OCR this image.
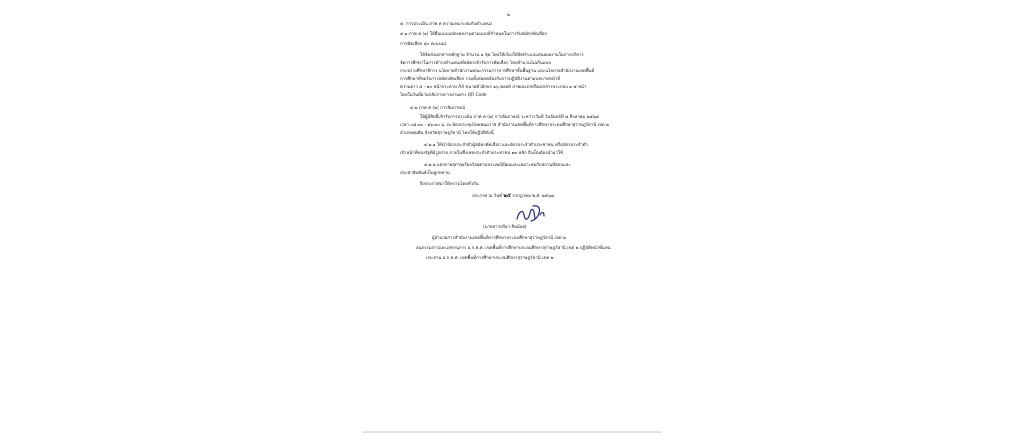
๒
๔. การประเมิน ภาค ค ความเหมาะสมกับตำแหน่ง
๔.๑ ภาค ค (๑) ให้ยื่นแบบแสดงผลงานตามแบบที่กำหนดในการรับสมัครคัดเลือก
การคัดเลือก ๕๐ คะแนน)
ให้จัดส่งเอกสารหลักฐาน จำนวน ๑ ชุด โดยให้เรียงให้จัดทำแบบเสนอผลงานในการบริหาร
จัดการศึกษาในการดำรงตำแหน่งที่สมัครเข้ารับการคัดเลือก โดยจำนวนไม่เกินแบบ
กระทรวงศึกษาธิการ นโยบายสำนักงานคณะกรรมการการศึกษาขั้นพื้นฐาน และนโยบายสำนักงานเขตพื้นที่
การศึกษาที่ขอรับการสมัครคัดเลือก รวมทั้งสอดคล้องกับการปฏิบัติงานตามบทบาทหน้าที่
ความยาว ๕ - ๑๐ หน้ากระดาษ A4 ขนาดตัวอักษร ๑๖ พอยท์ ภาคผนวกหรือเอกสารประกอบ ๑-๕ หน้า
โดยในวันที่ผ่านกลับรายการผ่านทาง QR Code
๔.๒ ภาค ค (๒) การสัมภาษณ์
ให้ผู้มีสิทธิ์เข้ารับการประเมิน ภาค ค (๒) การสัมภาษณ์ ระหว่างวันที่ วันจันทร์ที่ ๘ สิงหาคม ๒๕๖๘
เวลา ๐๘.๓๐ - ๑๖.๓๐ น. ณ ห้องประชุมไทยพนมวาส สำนักงานเขตพื้นที่การศึกษาประถมศึกษาสุราษฎร์ธานี เขต ๒
อำเภอพุนพิน จังหวัดสุราษฎร์ธานี โดยให้ปฏิบัติดังนี้
๔.๒.๑ ให้นำบัตรประจำตัวผู้สมัครคัดเลือก และบัตรประจำตัวประชาชน หรือบัตรประจำตัว
เจ้าหน้าที่ของรัฐที่มีรูปถ่าย ภายในซึ่งเลขประจำตัวประชาชน ๑๓ หลัก ถึงเป็นต้องนำมาใช้
๔.๒.๒ แต่งกายสุภาพเรียบร้อยตามประเพณีนิยมและเหมาะสมกับสถานที่สอบและ
ประชาสัมพันธ์เป็นลูกหลาน
จึงประกาศมาให้ทราบโดยทั่วกัน
ประกาศ ณ วันที่ ๒๕ กรกฎาคม พ.ศ. ๒๕๖๘
(นายสาวปรียา สินน้อย)
ผู้อำนวยการสำนักงานเขตพื้นที่การศึกษาประถมศึกษาสุราษฎร์ธานี เขต ๒
อนุกรรมการและเลขานุการ อ.ก.ค.ศ. เขตพื้นที่การศึกษาประถมศึกษาสุราษฎร์ธานี เขต ๒ ปฏิบัติหน้าที่แทน
ประธาน อ.ก.ค.ศ. เขตพื้นที่การศึกษาประถมศึกษาสุราษฎร์ธานี เขต ๒
